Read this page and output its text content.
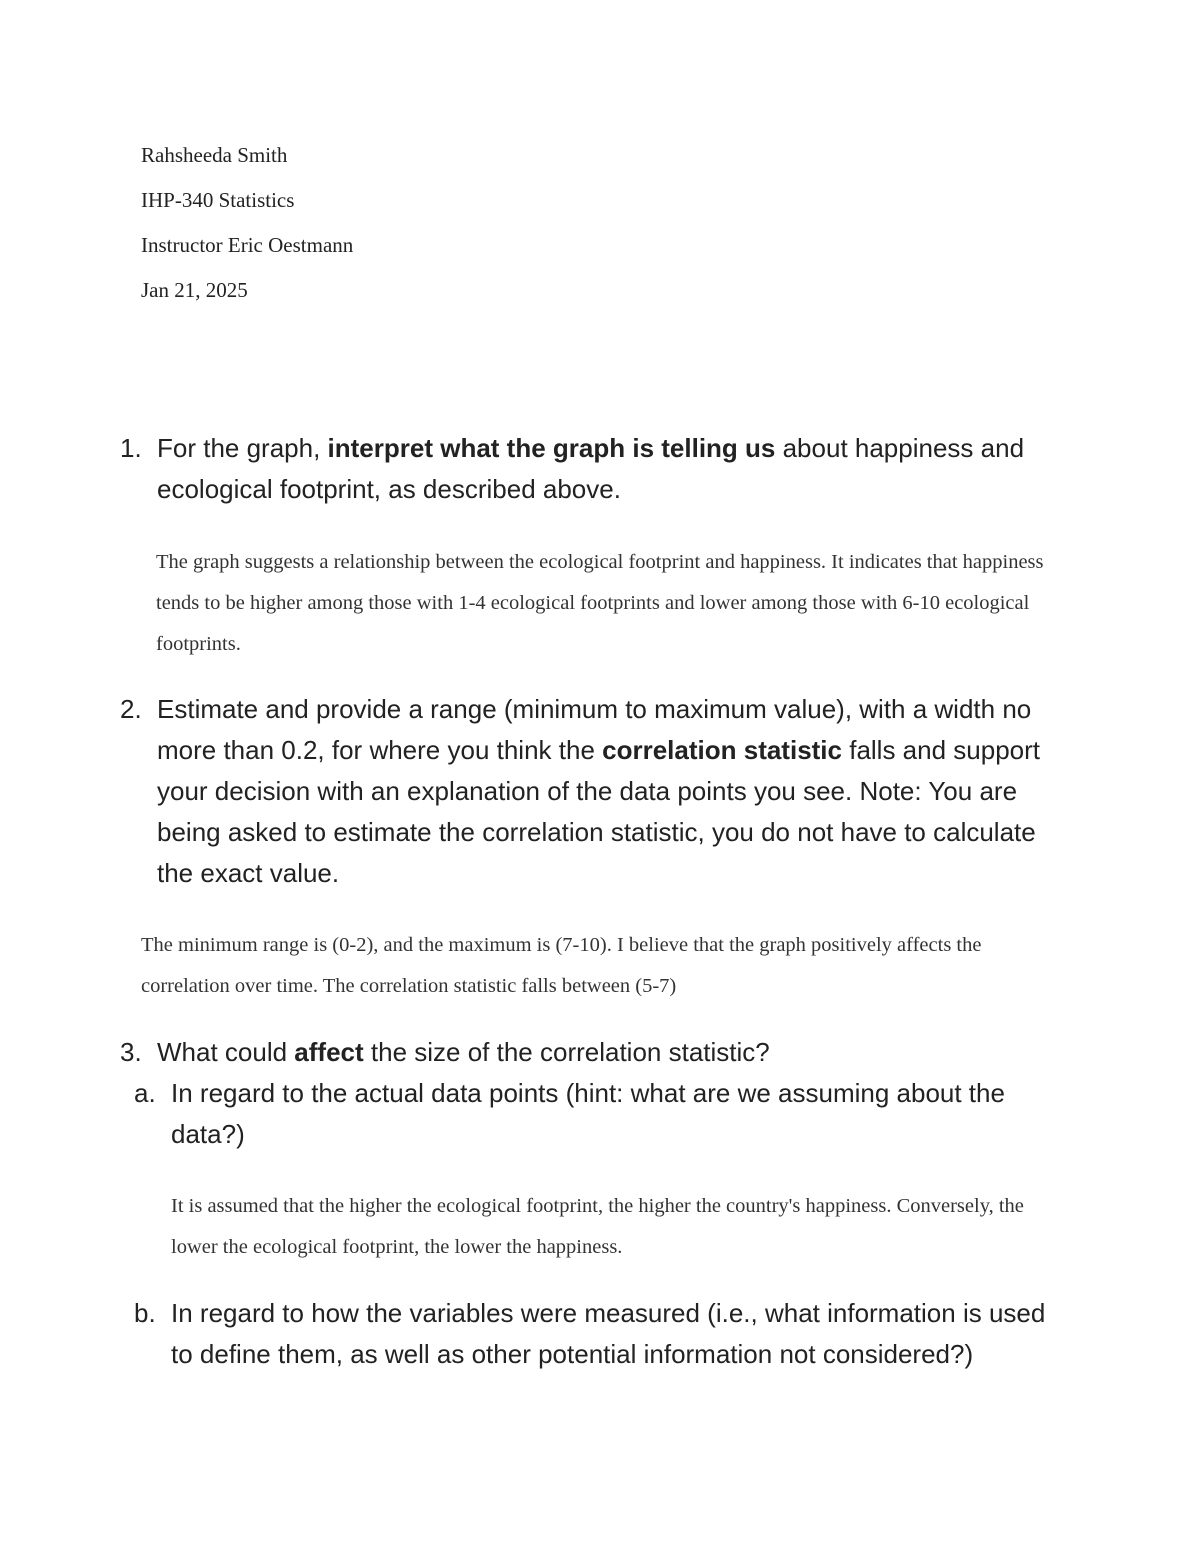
Rahsheeda Smith
IHP-340 Statistics
Instructor Eric Oestmann
Jan 21, 2025
1. For the graph, interpret what the graph is telling us about happiness and ecological footprint, as described above.
The graph suggests a relationship between the ecological footprint and happiness. It indicates that happiness tends to be higher among those with 1-4 ecological footprints and lower among those with 6-10 ecological footprints.
2. Estimate and provide a range (minimum to maximum value), with a width no more than 0.2, for where you think the correlation statistic falls and support your decision with an explanation of the data points you see. Note: You are being asked to estimate the correlation statistic, you do not have to calculate the exact value.
The minimum range is (0-2), and the maximum is (7-10). I believe that the graph positively affects the correlation over time. The correlation statistic falls between (5-7)
3. What could affect the size of the correlation statistic?
a. In regard to the actual data points (hint: what are we assuming about the data?)
It is assumed that the higher the ecological footprint, the higher the country's happiness. Conversely, the lower the ecological footprint, the lower the happiness.
b. In regard to how the variables were measured (i.e., what information is used to define them, as well as other potential information not considered?)
